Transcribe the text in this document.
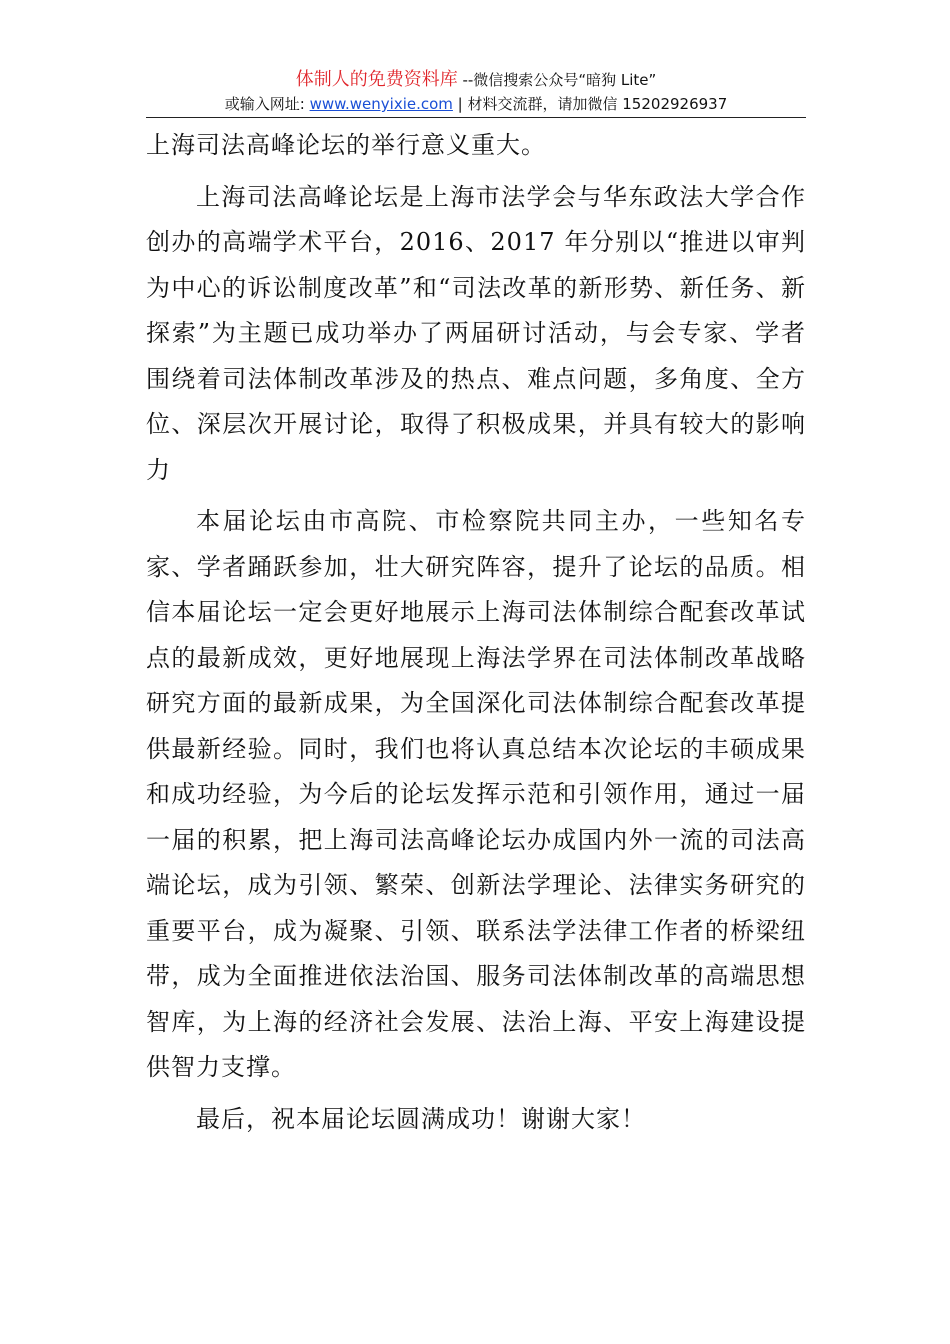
体制人的免费资料库 --微信搜索公众号“暗狗 Lite”
或输入网址: www.wenyixie.com | 材料交流群，请加微信 15202926937

上海司法高峰论坛的举行意义重大。

上海司法高峰论坛是上海市法学会与华东政法大学合作创办的高端学术平台，2016、2017 年分别以“推进以审判为中心的诉讼制度改革”和“司法改革的新形势、新任务、新探索”为主题已成功举办了两届研讨活动，与会专家、学者围绕着司法体制改革涉及的热点、难点问题，多角度、全方位、深层次开展讨论，取得了积极成果，并具有较大的影响力

本届论坛由市高院、市检察院共同主办，一些知名专家、学者踊跃参加，壮大研究阵容，提升了论坛的品质。相信本届论坛一定会更好地展示上海司法体制综合配套改革试点的最新成效，更好地展现上海法学界在司法体制改革战略研究方面的最新成果，为全国深化司法体制综合配套改革提供最新经验。同时，我们也将认真总结本次论坛的丰硕成果和成功经验，为今后的论坛发挥示范和引领作用，通过一届一届的积累，把上海司法高峰论坛办成国内外一流的司法高端论坛，成为引领、繁荣、创新法学理论、法律实务研究的重要平台，成为凝聚、引领、联系法学法律工作者的桥梁纽带，成为全面推进依法治国、服务司法体制改革的高端思想智库，为上海的经济社会发展、法治上海、平安上海建设提供智力支撑。

最后，祝本届论坛圆满成功！谢谢大家！
